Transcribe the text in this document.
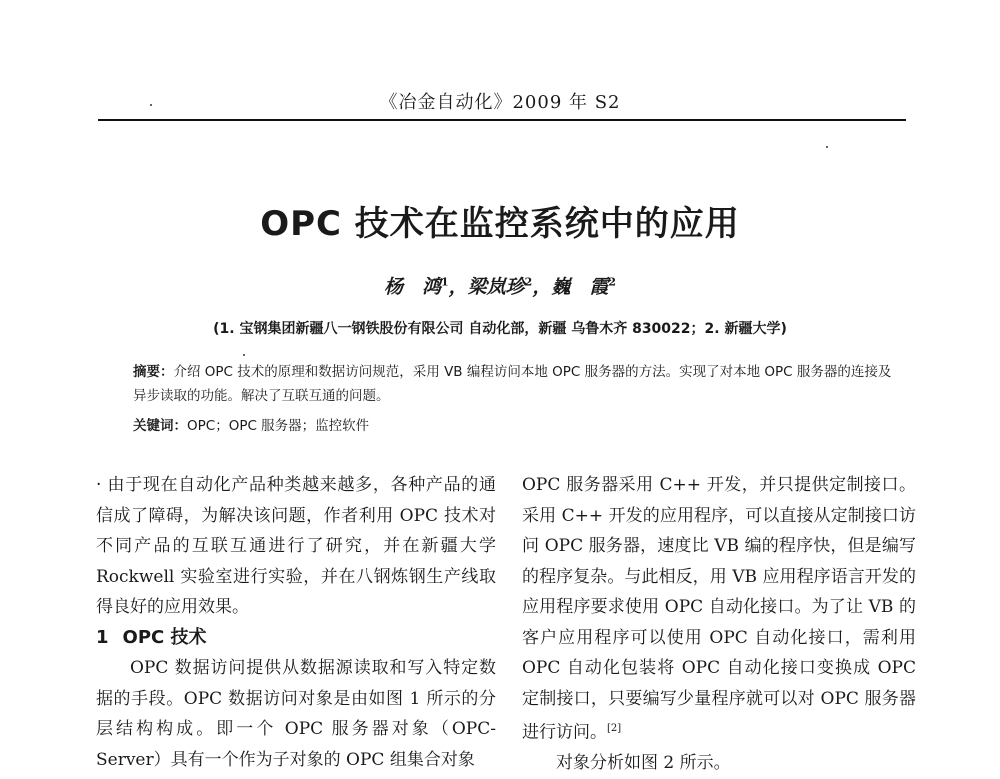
《冶金自动化》2009 年 S2
OPC 技术在监控系统中的应用
杨　鸿$^1$，梁岚珍$^2$，巍　霞$^2$
(1. 宝钢集团新疆八一钢铁股份有限公司 自动化部，新疆 乌鲁木齐 830022；2. 新疆大学)
摘要：介绍 OPC 技术的原理和数据访问规范，采用 VB 编程访问本地 OPC 服务器的方法。实现了对本地 OPC 服务器的连接及异步读取的功能。解决了互联互通的问题。
关键词：OPC；OPC 服务器；监控软件

· 由于现在自动化产品种类越来越多，各种产品的通信成了障碍，为解决该问题，作者利用 OPC 技术对不同产品的互联互通进行了研究，并在新疆大学 Rockwell 实验室进行实验，并在八钢炼钢生产线取得良好的应用效果。

1 OPC 技术

OPC 数据访问提供从数据源读取和写入特定数据的手段。OPC 数据访问对象是由如图 1 所示的分层结构构成。即一个 OPC 服务器对象（OPC-Server）具有一个作为子对象的 OPC 组集合对象

OPC 服务器采用 C++ 开发，并只提供定制接口。采用 C++ 开发的应用程序，可以直接从定制接口访问 OPC 服务器，速度比 VB 编的程序快，但是编写的程序复杂。与此相反，用 VB 应用程序语言开发的应用程序要求使用 OPC 自动化接口。为了让 VB 的客户应用程序可以使用 OPC 自动化接口，需利用 OPC 自动化包装将 OPC 自动化接口变换成 OPC 定制接口，只要编写少量程序就可以对 OPC 服务器进行访问。[2]

对象分析如图 2 所示。
